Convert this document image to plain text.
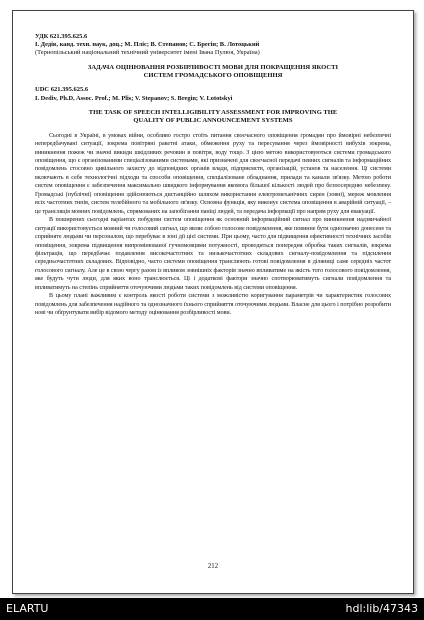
УДК 621.395.625.6

І. Дедів, канд. техн. наук, доц.; М. Пліс; В. Степанов; С. Брегін; В. Лотоцький

(Тернопільський національний технічний університет імені Івана Пулюя, Україна)

ЗАДАЧА ОЦІНЮВАННЯ РОЗБІРЛИВОСТІ МОВИ ДЛЯ ПОКРАЩЕННЯ ЯКОСТІ
СИСТЕМ ГРОМАДСЬКОГО ОПОВІЩЕННЯ

UDC 621.395.625.6

I. Dediv, Ph.D, Assoc. Prof.; M. Plis; V. Stepanov; S. Bregin; V. Lototskyi

THE TASK OF SPEECH INTELLIGIBILITY ASSESSMENT FOR IMPROVING THE
QUALITY OF PUBLIC ANNOUNCEMENT SYSTEMS

Сьогодні в Україні, в умовах війни, особливо гостро стоїть питання своєчасного оповіщення громадян про ймовірні небезпечні непередбачувані ситуації, зокрема повітряні ракетні атаки, обмеження руху та пересування через ймовірності вибухів зокрема, виникнення пожеж чи значні викиди шкідливих речовин в повітря, воду тощо. З цією метою використовуються системи громадського оповіщення, що є організованими спеціалізованими системами, які призначені для своєчасної передачі певних сигналів та інформаційних повідомлень стосовно цивільного захисту до відповідних органів влади, підприємств, організацій, установ та населення. Ці системи включають в себе технологічні підходи та способи оповіщення, спеціалізоване обладнання, прилади та канали зв'язку. Метою роботи систем оповіщення є забезпечення максимально швидкого інформування якомога більшої кількості людей про безпосередню небезпеку. Громадські (публічні) оповіщення здійснюються дистанційно шляхом використання електромеханічних сирен (зовні), мереж мовлення всіх частотних типів, систем телебійного та мобільного зв'язку. Основна функція, яку виконує система оповіщення в аварійній ситуації, – це трансляція мовних повідомлень, спрямованих на запобігання паніці людей, та передача інформації про напрям руху для евакуації.

В поширених сьогодні варіантах побудови систем оповіщення як основний інформаційний сигнал про виникнення надзвичайної ситуації використовується мовний чи голосовий сигнал, що являє собою голосове повідомлення, яке повинне бути однозначно донесене та сприйняте людьми чи персоналом, що перебуває в зоні дії цієї системи. При цьому, часто для підвищення ефективності технічних засобів оповіщення, зокрема підвищення випромінюваної гучномовцями потужності, проводиться попередня обробка таких сигналів, зокрема фільтрація, що передбачає подавлення високочастотних та низькочастотних складових сигналу-повідомлення та підсилення середньочастотних складових. Відповідно, часто системи оповіщення транслюють готові повідомлення в діляниці саме середніх частот голосового сигналу. Але це в свою чергу разом із впливом зовнішніх факторів значно впливатиме на якість того голосового повідомлення, яке будуть чути люди, для яких воно транслюється. Ці і додаткові фактори значно спотворюватимуть сигнали повідомлення та впливатимуть на степінь сприйняття оточуючими людьми таких повідомлень від системи оповіщення.

В цьому плані важливим є контроль якості роботи системи з можливістю коригування параметрів чи характеристик голосових повідомлень для забезпечення надійного та однозначного їхнього сприйняття оточуючими людьми. Власне для цього і потрібно розробити нові чи обґрунтувати вибір відомого методу оцінювання розбірливості мови.

212
ELARTU	hdl:lib/47343
